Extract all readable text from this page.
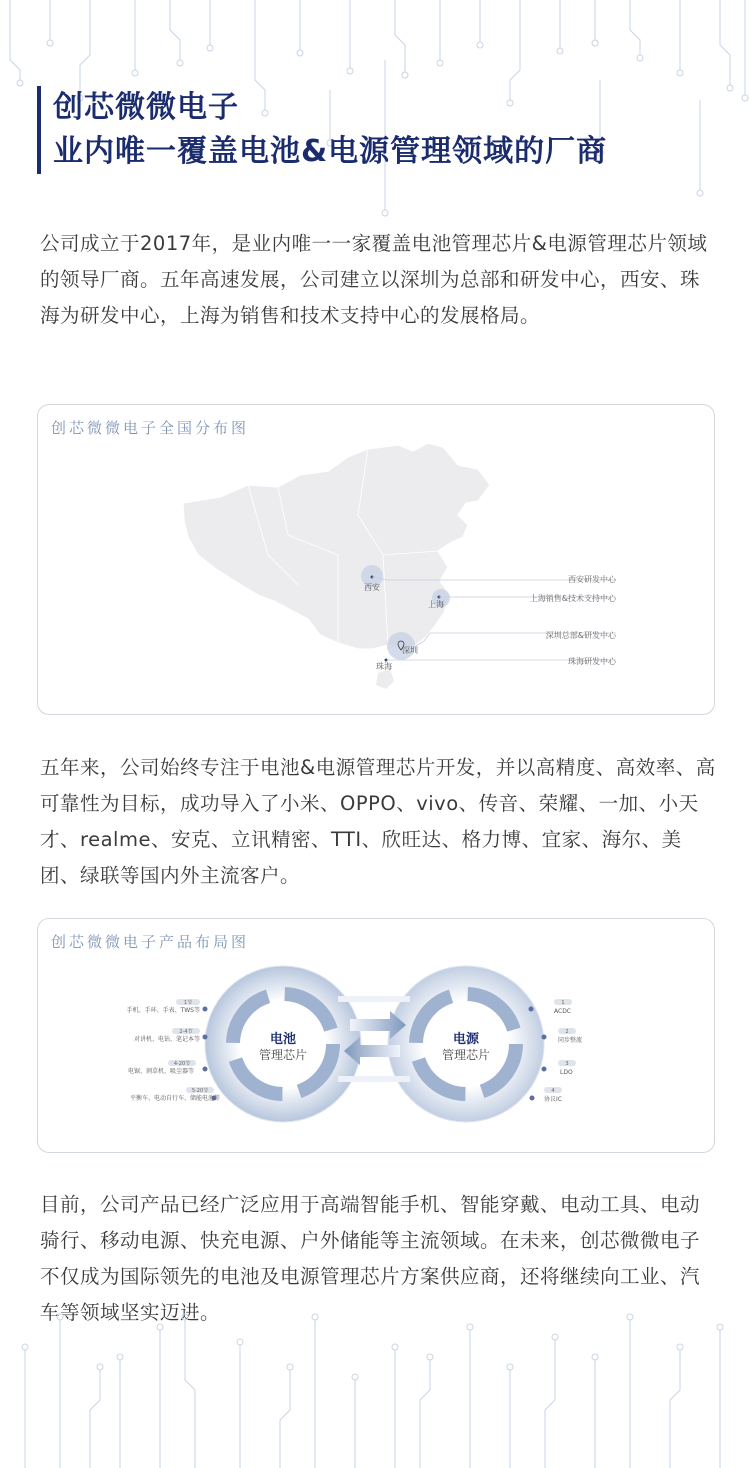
创芯微微电子
业内唯一覆盖电池&电源管理领域的厂商
公司成立于2017年，是业内唯一一家覆盖电池管理芯片&电源管理芯片领域的领导厂商。五年高速发展，公司建立以深圳为总部和研发中心，西安、珠海为研发中心，上海为销售和技术支持中心的发展格局。
创芯微微电子全国分布图
西安
上海
深圳
珠海
西安研发中心
上海销售&技术支持中心
深圳总部&研发中心
珠海研发中心
五年来，公司始终专注于电池&电源管理芯片开发，并以高精度、高效率、高可靠性为目标，成功导入了小米、OPPO、vivo、传音、荣耀、一加、小天才、realme、安克、立讯精密、TTI、欣旺达、格力博、宜家、海尔、美团、绿联等国内外主流客户。
创芯微微电子产品布局图
电池
管理芯片
电源
管理芯片
1节
手机、手环、手表、TWS等
2-4节
对讲机、电钻、笔记本等
4-20节
电锯、割草机、吸尘器等
5-20节
平衡车、电动自行车、储能电池等
1
ACDC
2
同步整流
3
LDO
4
协议IC
目前，公司产品已经广泛应用于高端智能手机、智能穿戴、电动工具、电动骑行、移动电源、快充电源、户外储能等主流领域。在未来，创芯微微电子不仅成为国际领先的电池及电源管理芯片方案供应商，还将继续向工业、汽车等领域坚实迈进。
